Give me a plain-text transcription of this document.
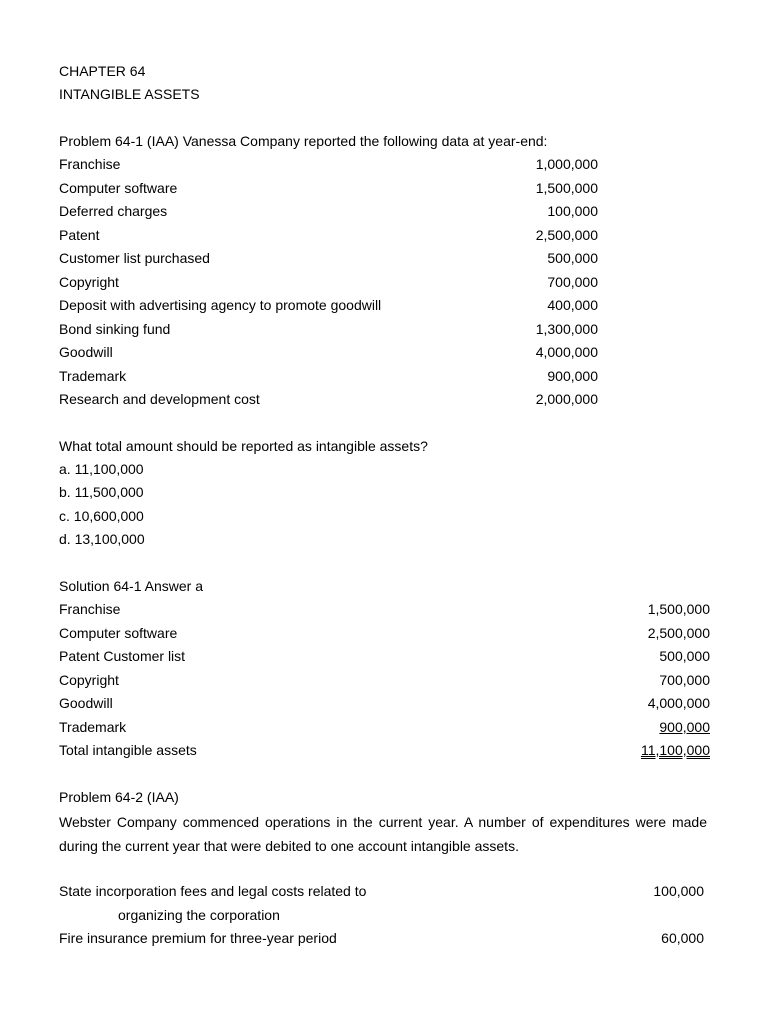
CHAPTER 64
INTANGIBLE ASSETS
Problem 64-1 (IAA) Vanessa Company reported the following data at year-end:
Franchise	1,000,000
Computer software	1,500,000
Deferred charges	100,000
Patent	2,500,000
Customer list purchased	500,000
Copyright	700,000
Deposit with advertising agency to promote goodwill	400,000
Bond sinking fund	1,300,000
Goodwill	4,000,000
Trademark	900,000
Research and development cost	2,000,000
What total amount should be reported as intangible assets?
a. 11,100,000
b. 11,500,000
c. 10,600,000
d. 13,100,000
Solution 64-1 Answer a
Franchise	1,500,000
Computer software	2,500,000
Patent Customer list	500,000
Copyright	700,000
Goodwill	4,000,000
Trademark	900,000
Total intangible assets	11,100,000
Problem 64-2 (IAA)
Webster Company commenced operations in the current year. A number of expenditures were made during the current year that were debited to one account intangible assets.
State incorporation fees and legal costs related to	100,000
organizing the corporation
Fire insurance premium for three-year period	60,000
